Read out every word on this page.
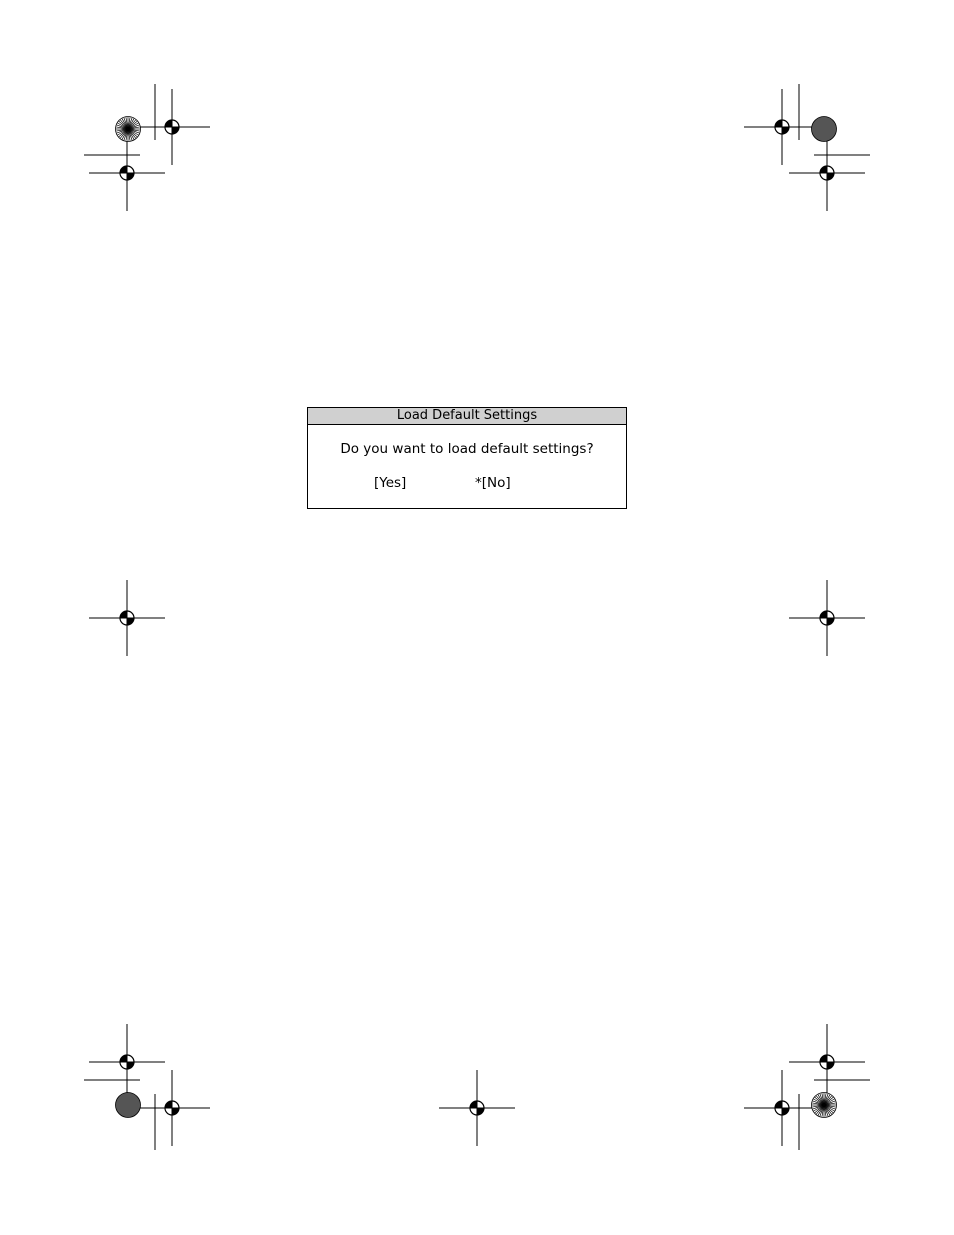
Load Default Settings
Do you want to load default settings?
[Yes]	*[No]
